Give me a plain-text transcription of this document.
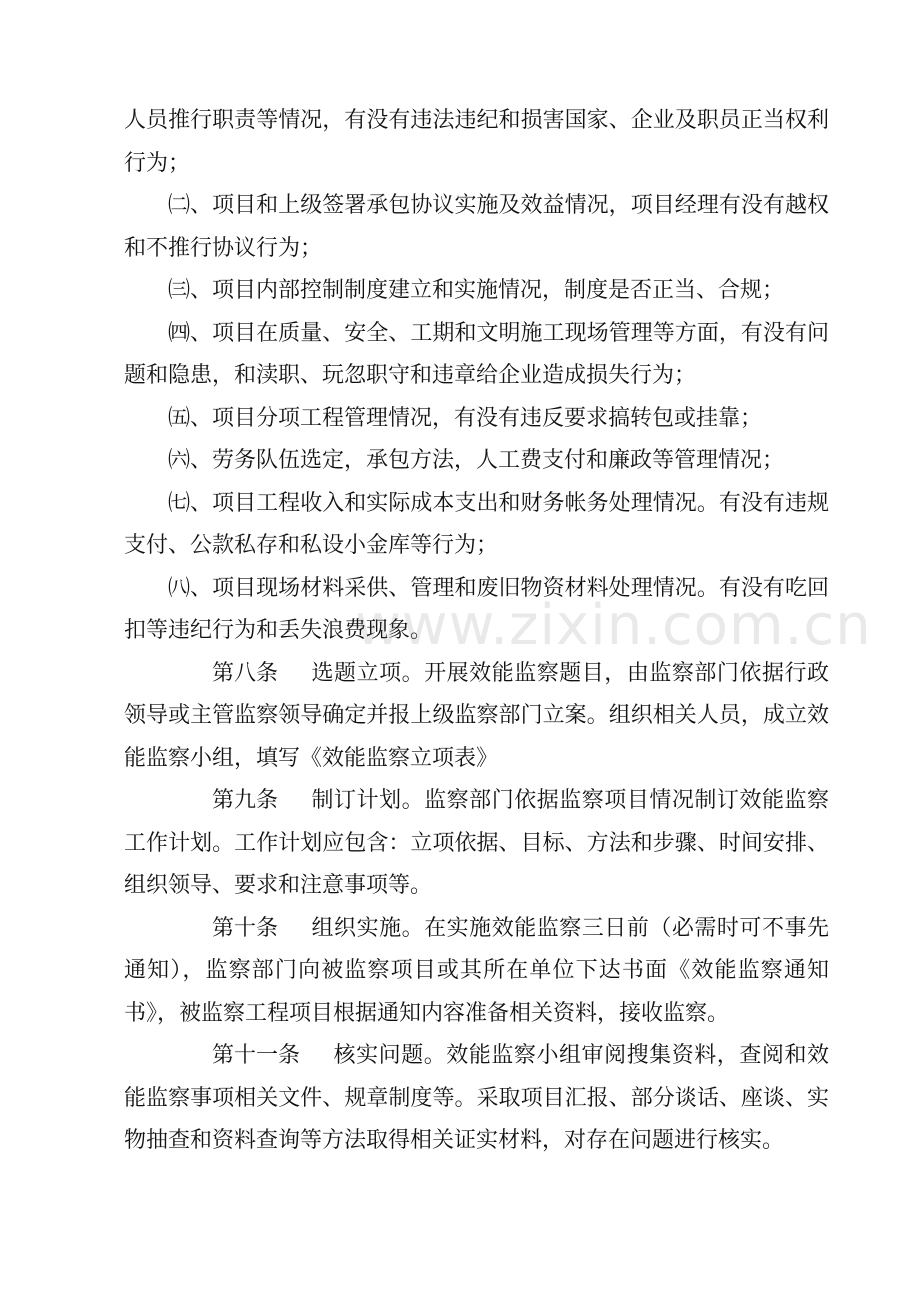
人员推行职责等情况，有没有违法违纪和损害国家、企业及职员正当权利行为；

㈡、项目和上级签署承包协议实施及效益情况，项目经理有没有越权和不推行协议行为；

㈢、项目内部控制制度建立和实施情况，制度是否正当、合规；

㈣、项目在质量、安全、工期和文明施工现场管理等方面，有没有问题和隐患，和渎职、玩忽职守和违章给企业造成损失行为；

㈤、项目分项工程管理情况，有没有违反要求搞转包或挂靠；

㈥、劳务队伍选定，承包方法，人工费支付和廉政等管理情况；

㈦、项目工程收入和实际成本支出和财务帐务处理情况。有没有违规支付、公款私存和私设小金库等行为；

㈧、项目现场材料采供、管理和废旧物资材料处理情况。有没有吃回扣等违纪行为和丢失浪费现象。

第八条 选题立项。开展效能监察题目，由监察部门依据行政领导或主管监察领导确定并报上级监察部门立案。组织相关人员，成立效能监察小组，填写《效能监察立项表》

第九条 制订计划。监察部门依据监察项目情况制订效能监察工作计划。工作计划应包含：立项依据、目标、方法和步骤、时间安排、组织领导、要求和注意事项等。

第十条 组织实施。在实施效能监察三日前（必需时可不事先通知），监察部门向被监察项目或其所在单位下达书面《效能监察通知书》，被监察工程项目根据通知内容准备相关资料，接收监察。

第十一条 核实问题。效能监察小组审阅搜集资料，查阅和效能监察事项相关文件、规章制度等。采取项目汇报、部分谈话、座谈、实物抽查和资料查询等方法取得相关证实材料，对存在问题进行核实。

www.zixin.com.cn
